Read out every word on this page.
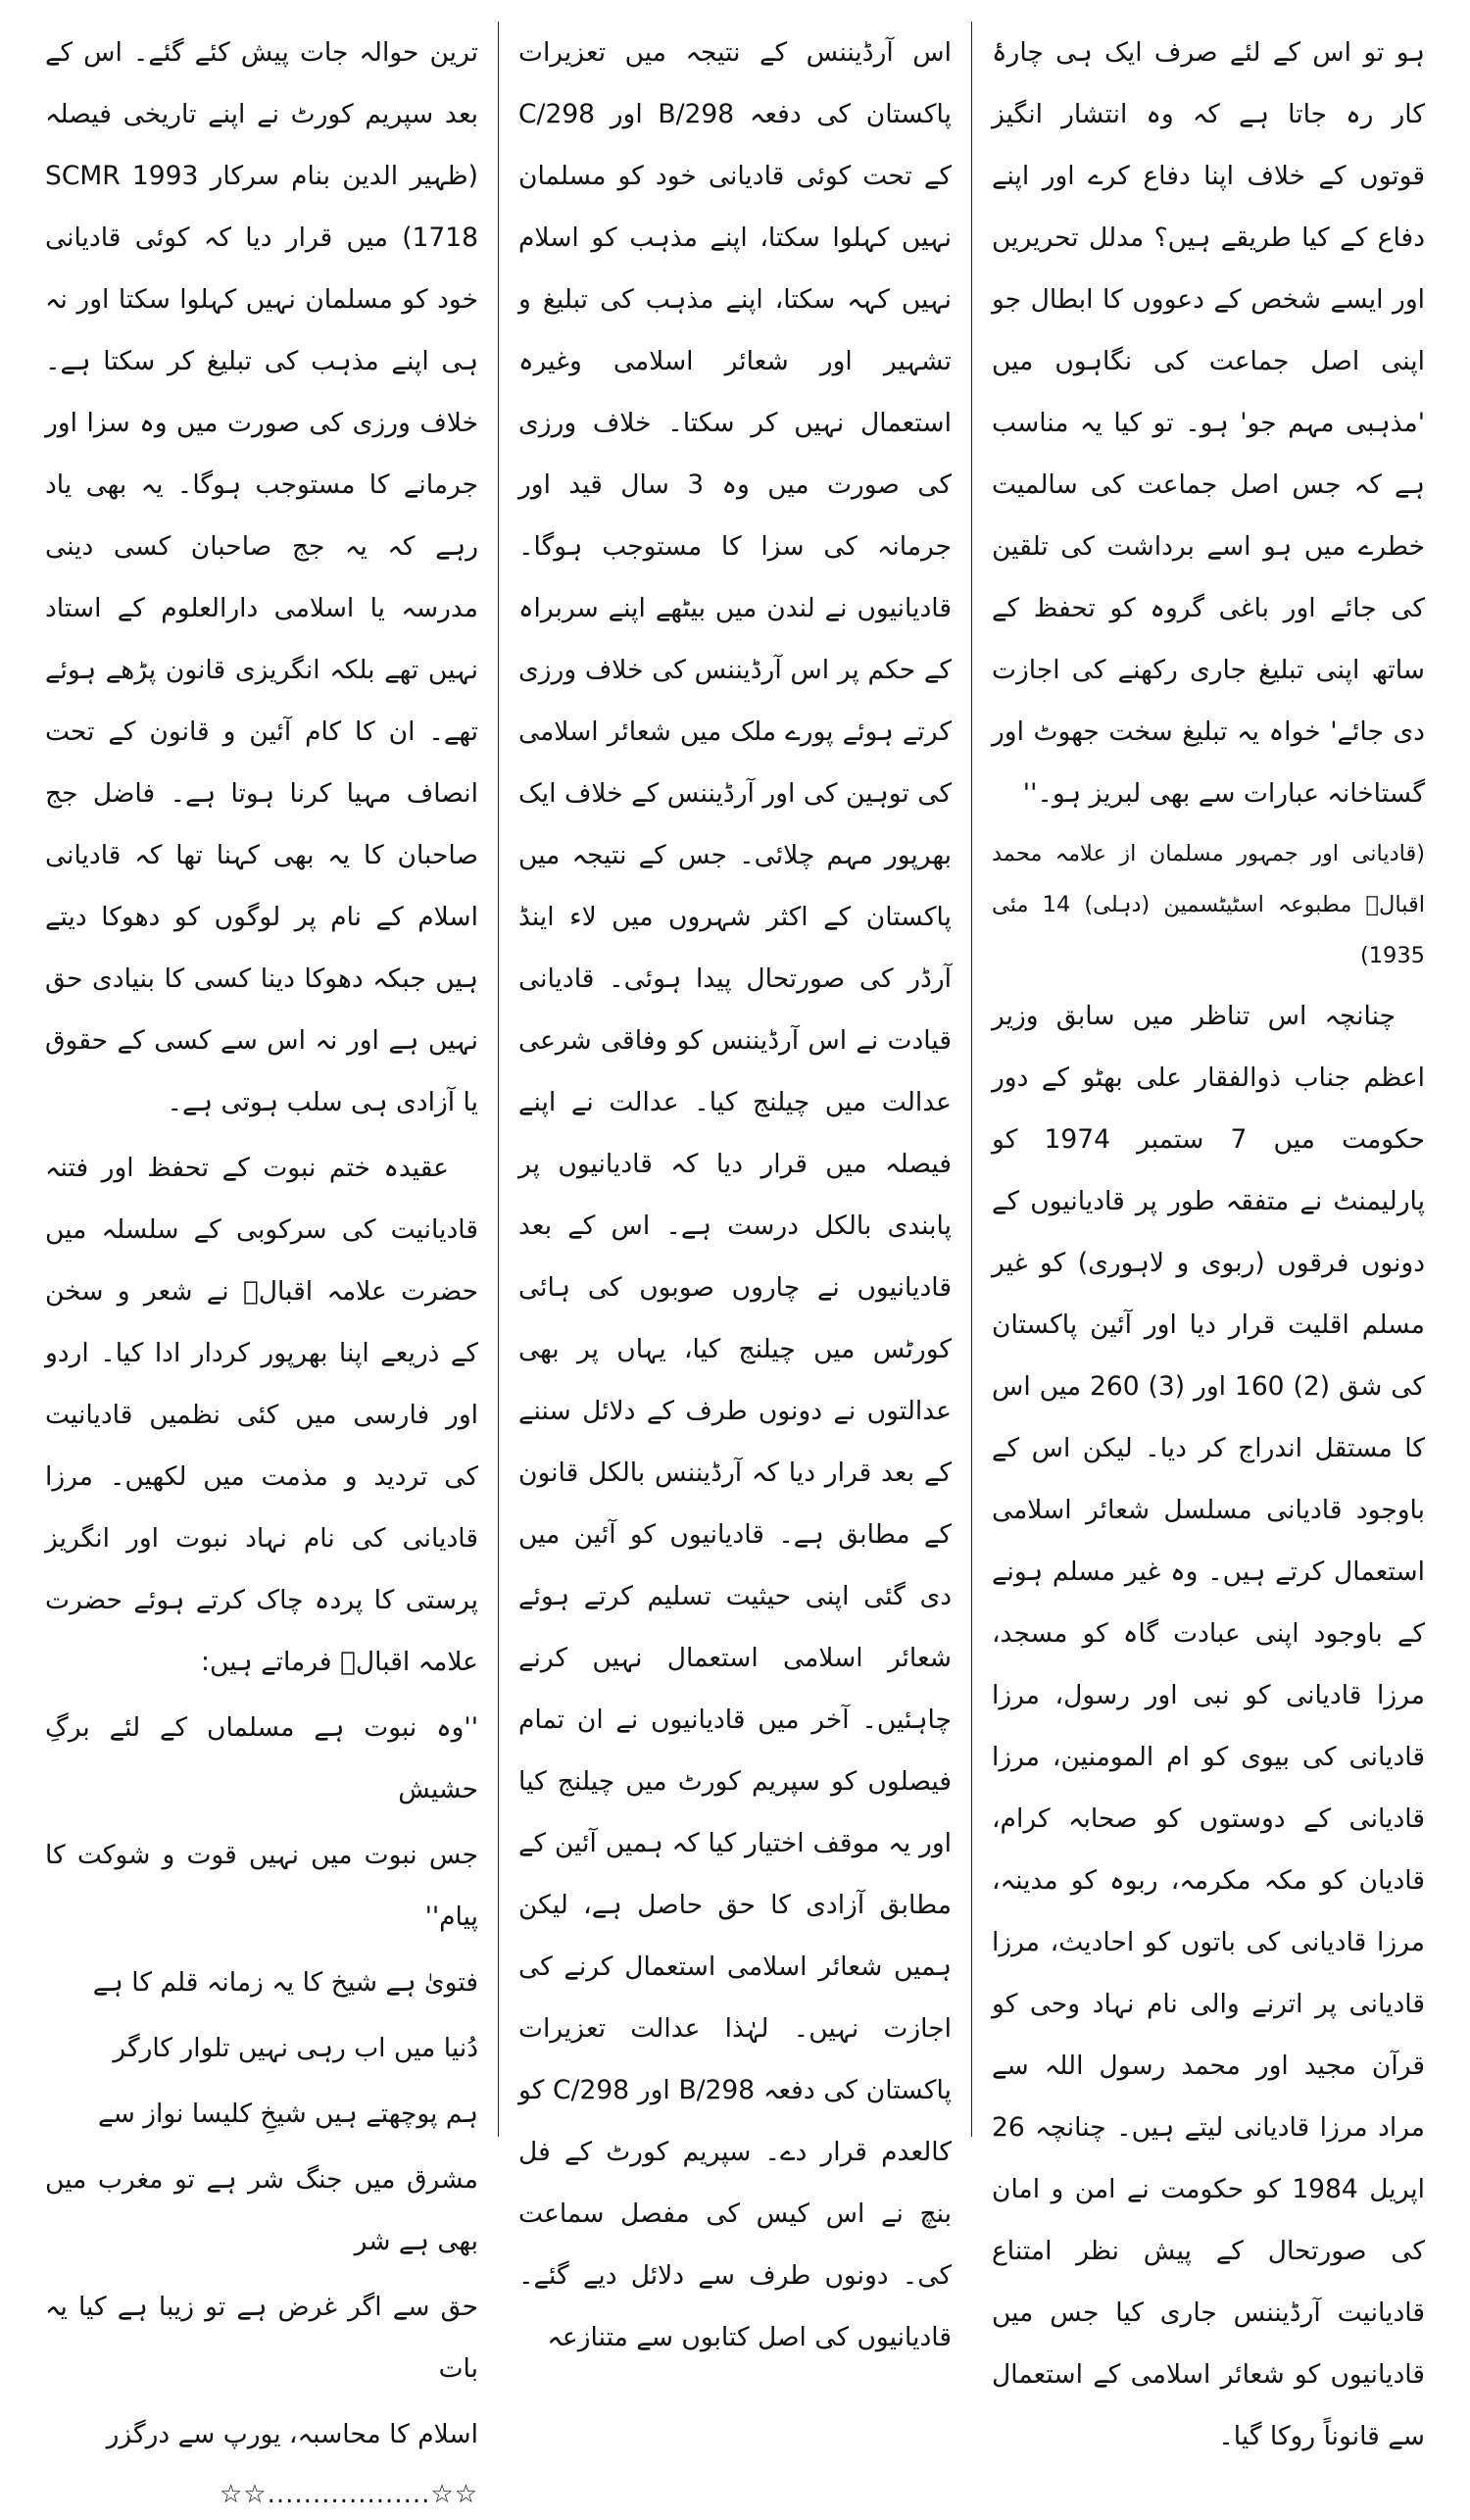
ہو تو اس کے لئے صرف ایک ہی چارۂ کار رہ جاتا ہے کہ وہ انتشار انگیز قوتوں کے خلاف اپنا دفاع کرے اور اپنے دفاع کے کیا طریقے ہیں؟ مدلل تحریریں اور ایسے شخص کے دعووں کا ابطال جو اپنی اصل جماعت کی نگاہوں میں 'مذہبی مہم جو' ہو۔ تو کیا یہ مناسب ہے کہ جس اصل جماعت کی سالمیت خطرے میں ہو اسے برداشت کی تلقین کی جائے اور باغی گروہ کو تحفظ کے ساتھ اپنی تبلیغ جاری رکھنے کی اجازت دی جائے' خواہ یہ تبلیغ سخت جھوٹ اور گستاخانہ عبارات سے بھی لبریز ہو۔''

(قادیانی اور جمہور مسلمان از علامہ محمد اقبالؒ مطبوعہ اسٹیٹسمین (دہلی) 14 مئی 1935)

چنانچہ اس تناظر میں سابق وزیر اعظم جناب ذوالفقار علی بھٹو کے دور حکومت میں 7 ستمبر 1974 کو پارلیمنٹ نے متفقہ طور پر قادیانیوں کے دونوں فرقوں (ربوی و لاہوری) کو غیر مسلم اقلیت قرار دیا اور آئین پاکستان کی شق (2) 160 اور (3) 260 میں اس کا مستقل اندراج کر دیا۔ لیکن اس کے باوجود قادیانی مسلسل شعائر اسلامی استعمال کرتے ہیں۔ وہ غیر مسلم ہونے کے باوجود اپنی عبادت گاہ کو مسجد، مرزا قادیانی کو نبی اور رسول، مرزا قادیانی کی بیوی کو ام المومنین، مرزا قادیانی کے دوستوں کو صحابہ کرام، قادیان کو مکہ مکرمہ، ربوہ کو مدینہ، مرزا قادیانی کی باتوں کو احادیث، مرزا قادیانی پر اترنے والی نام نہاد وحی کو قرآن مجید اور محمد رسول اللہ سے مراد مرزا قادیانی لیتے ہیں۔ چنانچہ 26 اپریل 1984 کو حکومت نے امن و امان کی صورتحال کے پیش نظر امتناع قادیانیت آرڈیننس جاری کیا جس میں قادیانیوں کو شعائر اسلامی کے استعمال سے قانوناً روکا گیا۔

اس آرڈیننس کے نتیجہ میں تعزیرات پاکستان کی دفعہ 298/B اور 298/C کے تحت کوئی قادیانی خود کو مسلمان نہیں کہلوا سکتا، اپنے مذہب کو اسلام نہیں کہہ سکتا، اپنے مذہب کی تبلیغ و تشہیر اور شعائر اسلامی وغیرہ استعمال نہیں کر سکتا۔ خلاف ورزی کی صورت میں وہ 3 سال قید اور جرمانہ کی سزا کا مستوجب ہوگا۔ قادیانیوں نے لندن میں بیٹھے اپنے سربراہ کے حکم پر اس آرڈیننس کی خلاف ورزی کرتے ہوئے پورے ملک میں شعائر اسلامی کی توہین کی اور آرڈیننس کے خلاف ایک بھرپور مہم چلائی۔ جس کے نتیجہ میں پاکستان کے اکثر شہروں میں لاء اینڈ آرڈر کی صورتحال پیدا ہوئی۔ قادیانی قیادت نے اس آرڈیننس کو وفاقی شرعی عدالت میں چیلنج کیا۔ عدالت نے اپنے فیصلہ میں قرار دیا کہ قادیانیوں پر پابندی بالکل درست ہے۔ اس کے بعد قادیانیوں نے چاروں صوبوں کی ہائی کورٹس میں چیلنج کیا، یہاں پر بھی عدالتوں نے دونوں طرف کے دلائل سننے کے بعد قرار دیا کہ آرڈیننس بالکل قانون کے مطابق ہے۔ قادیانیوں کو آئین میں دی گئی اپنی حیثیت تسلیم کرتے ہوئے شعائر اسلامی استعمال نہیں کرنے چاہئیں۔ آخر میں قادیانیوں نے ان تمام فیصلوں کو سپریم کورٹ میں چیلنج کیا اور یہ موقف اختیار کیا کہ ہمیں آئین کے مطابق آزادی کا حق حاصل ہے، لیکن ہمیں شعائر اسلامی استعمال کرنے کی اجازت نہیں۔ لہٰذا عدالت تعزیرات پاکستان کی دفعہ 298/B اور 298/C کو کالعدم قرار دے۔ سپریم کورٹ کے فل بنچ نے اس کیس کی مفصل سماعت کی۔ دونوں طرف سے دلائل دیے گئے۔ قادیانیوں کی اصل کتابوں سے متنازعہ

ترین حوالہ جات پیش کئے گئے۔ اس کے بعد سپریم کورٹ نے اپنے تاریخی فیصلہ (ظہیر الدین بنام سرکار 1993 SCMR 1718) میں قرار دیا کہ کوئی قادیانی خود کو مسلمان نہیں کہلوا سکتا اور نہ ہی اپنے مذہب کی تبلیغ کر سکتا ہے۔ خلاف ورزی کی صورت میں وہ سزا اور جرمانے کا مستوجب ہوگا۔ یہ بھی یاد رہے کہ یہ جج صاحبان کسی دینی مدرسہ یا اسلامی دارالعلوم کے استاد نہیں تھے بلکہ انگریزی قانون پڑھے ہوئے تھے۔ ان کا کام آئین و قانون کے تحت انصاف مہیا کرنا ہوتا ہے۔ فاضل جج صاحبان کا یہ بھی کہنا تھا کہ قادیانی اسلام کے نام پر لوگوں کو دھوکا دیتے ہیں جبکہ دھوکا دینا کسی کا بنیادی حق نہیں ہے اور نہ اس سے کسی کے حقوق یا آزادی ہی سلب ہوتی ہے۔

عقیدہ ختم نبوت کے تحفظ اور فتنہ قادیانیت کی سرکوبی کے سلسلہ میں حضرت علامہ اقبالؒ نے شعر و سخن کے ذریعے اپنا بھرپور کردار ادا کیا۔ اردو اور فارسی میں کئی نظمیں قادیانیت کی تردید و مذمت میں لکھیں۔ مرزا قادیانی کی نام نہاد نبوت اور انگریز پرستی کا پردہ چاک کرتے ہوئے حضرت علامہ اقبالؒ فرماتے ہیں:

''وہ نبوت ہے مسلماں کے لئے برگِ حشیش

جس نبوت میں نہیں قوت و شوکت کا پیام''

فتویٰ ہے شیخ کا یہ زمانہ قلم کا ہے

دُنیا میں اب رہی نہیں تلوار کارگر

ہم پوچھتے ہیں شیخِ کلیسا نواز سے

مشرق میں جنگ شر ہے تو مغرب میں بھی ہے شر

حق سے اگر غرض ہے تو زیبا ہے کیا یہ بات

اسلام کا محاسبہ، یورپ سے درگزر

☆☆..................☆☆
